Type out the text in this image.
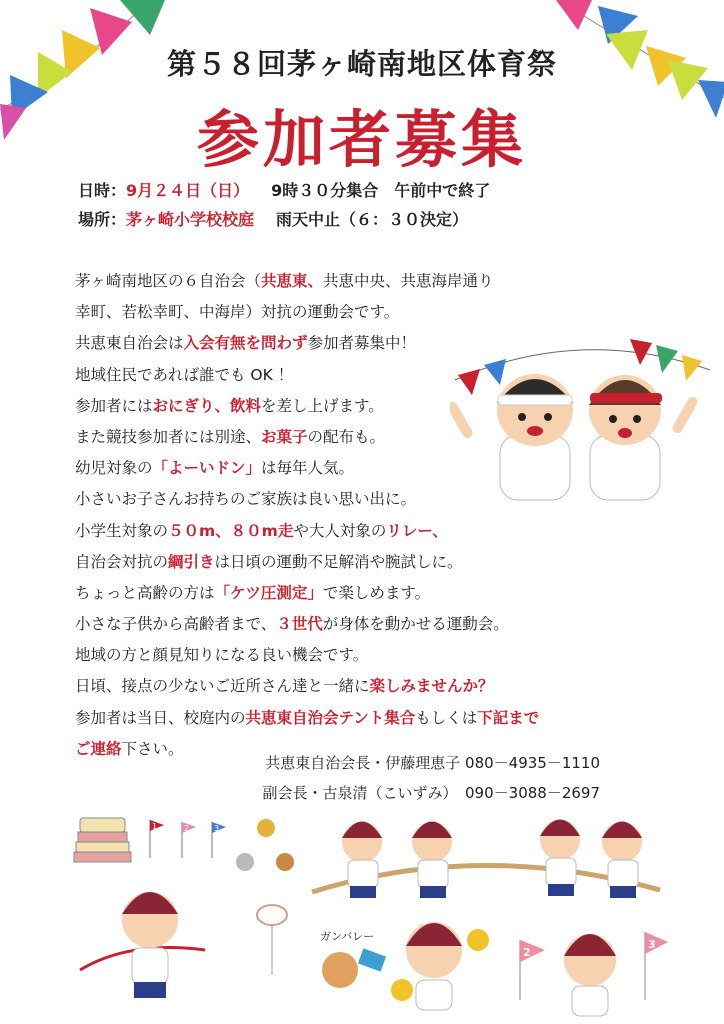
第５８回茅ヶ崎南地区体育祭
参加者募集
日時：9月２４日（日） 9時３０分集合　午前中で終了
場所：茅ヶ崎小学校校庭 雨天中止（６：３０決定）
茅ヶ崎南地区の６自治会（共恵東、共恵中央、共恵海岸通り
幸町、若松幸町、中海岸）対抗の運動会です。
共恵東自治会は入会有無を問わず参加者募集中！
地域住民であれば誰でも OK ！
参加者にはおにぎり、飲料を差し上げます。
また競技参加者には別途、お菓子の配布も。
幼児対象の「よーいドン」は毎年人気。
小さいお子さんお持ちのご家族は良い思い出に。
小学生対象の５０m、８０m走や大人対象のリレー、
自治会対抗の綱引きは日頃の運動不足解消や腕試しに。
ちょっと高齢の方は「ケツ圧測定」で楽しめます。
小さな子供から高齢者まで、３世代が身体を動かせる運動会。
地域の方と顔見知りになる良い機会です。
日頃、接点の少ないご近所さん達と一緒に楽しみませんか？
参加者は当日、校庭内の共恵東自治会テント集合もしくは下記まで
ご連絡下さい。
共恵東自治会長・伊藤理恵子 080－4935－1110
副会長・古泉清（こいずみ）　090－3088－2697
1	2	3
ガンバレー
2
3
